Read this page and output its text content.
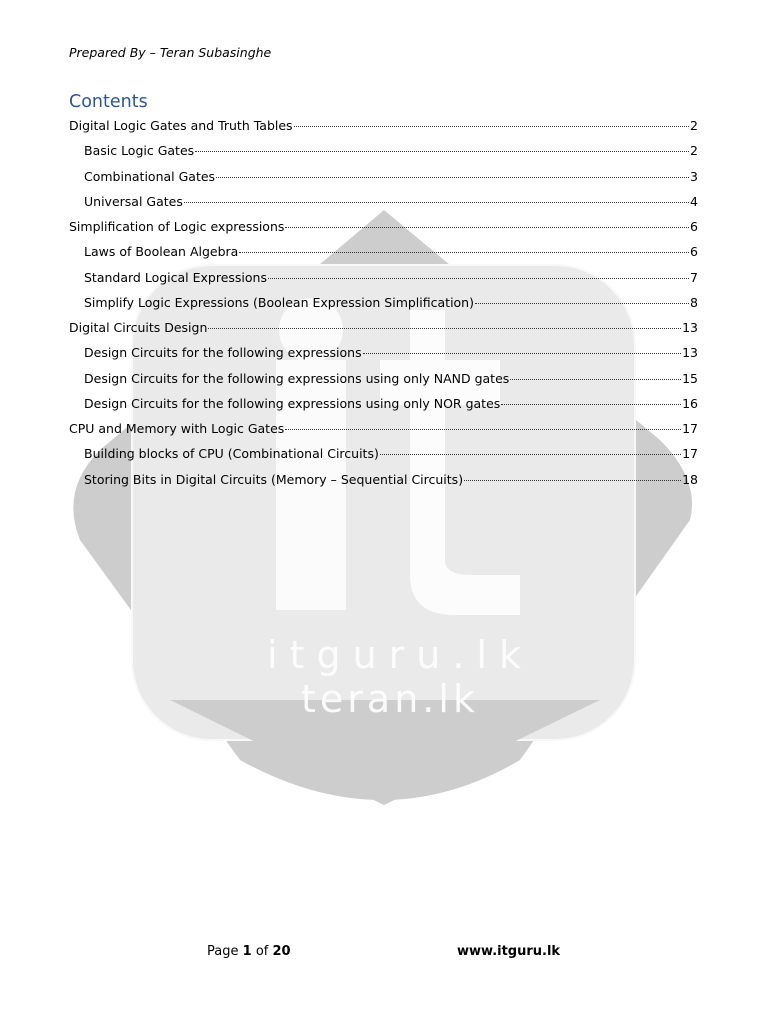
itguru.lk
teran.lk
Prepared By – Teran Subasinghe
Contents
Digital Logic Gates and Truth Tables	2
Basic Logic Gates	2
Combinational Gates	3
Universal Gates	4
Simplification of Logic expressions	6
Laws of Boolean Algebra	6
Standard Logical Expressions	7
Simplify Logic Expressions (Boolean Expression Simplification)	8
Digital Circuits Design	13
Design Circuits for the following expressions	13
Design Circuits for the following expressions using only NAND gates	15
Design Circuits for the following expressions using only NOR gates	16
CPU and Memory with Logic Gates	17
Building blocks of CPU (Combinational Circuits)	17
Storing Bits in Digital Circuits (Memory – Sequential Circuits)	18
Page 1 of 20	www.itguru.lk
